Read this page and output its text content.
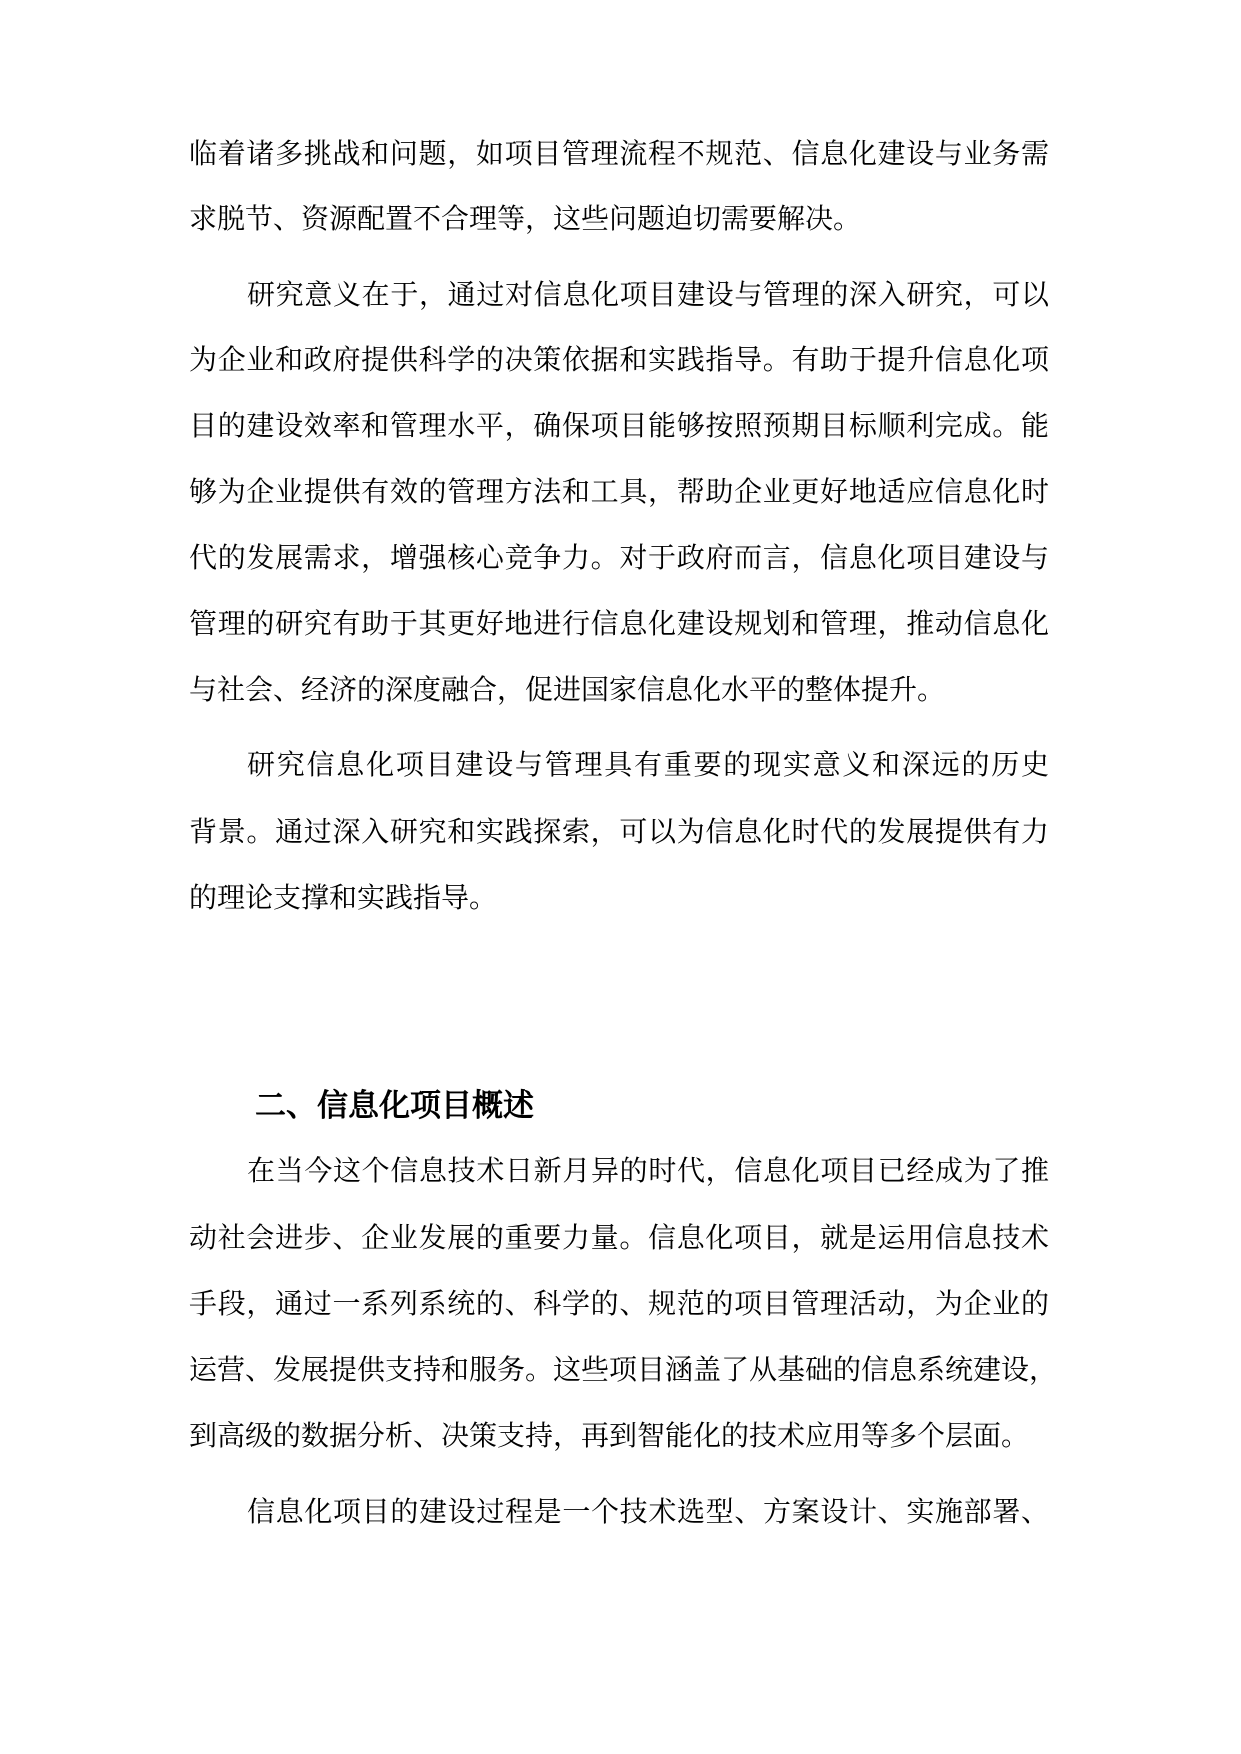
临着诸多挑战和问题，如项目管理流程不规范、信息化建设与业务需
求脱节、资源配置不合理等，这些问题迫切需要解决。
研究意义在于，通过对信息化项目建设与管理的深入研究，可以
为企业和政府提供科学的决策依据和实践指导。有助于提升信息化项
目的建设效率和管理水平，确保项目能够按照预期目标顺利完成。能
够为企业提供有效的管理方法和工具，帮助企业更好地适应信息化时
代的发展需求，增强核心竞争力。对于政府而言，信息化项目建设与
管理的研究有助于其更好地进行信息化建设规划和管理，推动信息化
与社会、经济的深度融合，促进国家信息化水平的整体提升。
研究信息化项目建设与管理具有重要的现实意义和深远的历史
背景。通过深入研究和实践探索，可以为信息化时代的发展提供有力
的理论支撑和实践指导。
二、信息化项目概述
在当今这个信息技术日新月异的时代，信息化项目已经成为了推
动社会进步、企业发展的重要力量。信息化项目，就是运用信息技术
手段，通过一系列系统的、科学的、规范的项目管理活动，为企业的
运营、发展提供支持和服务。这些项目涵盖了从基础的信息系统建设，
到高级的数据分析、决策支持，再到智能化的技术应用等多个层面。
信息化项目的建设过程是一个技术选型、方案设计、实施部署、
